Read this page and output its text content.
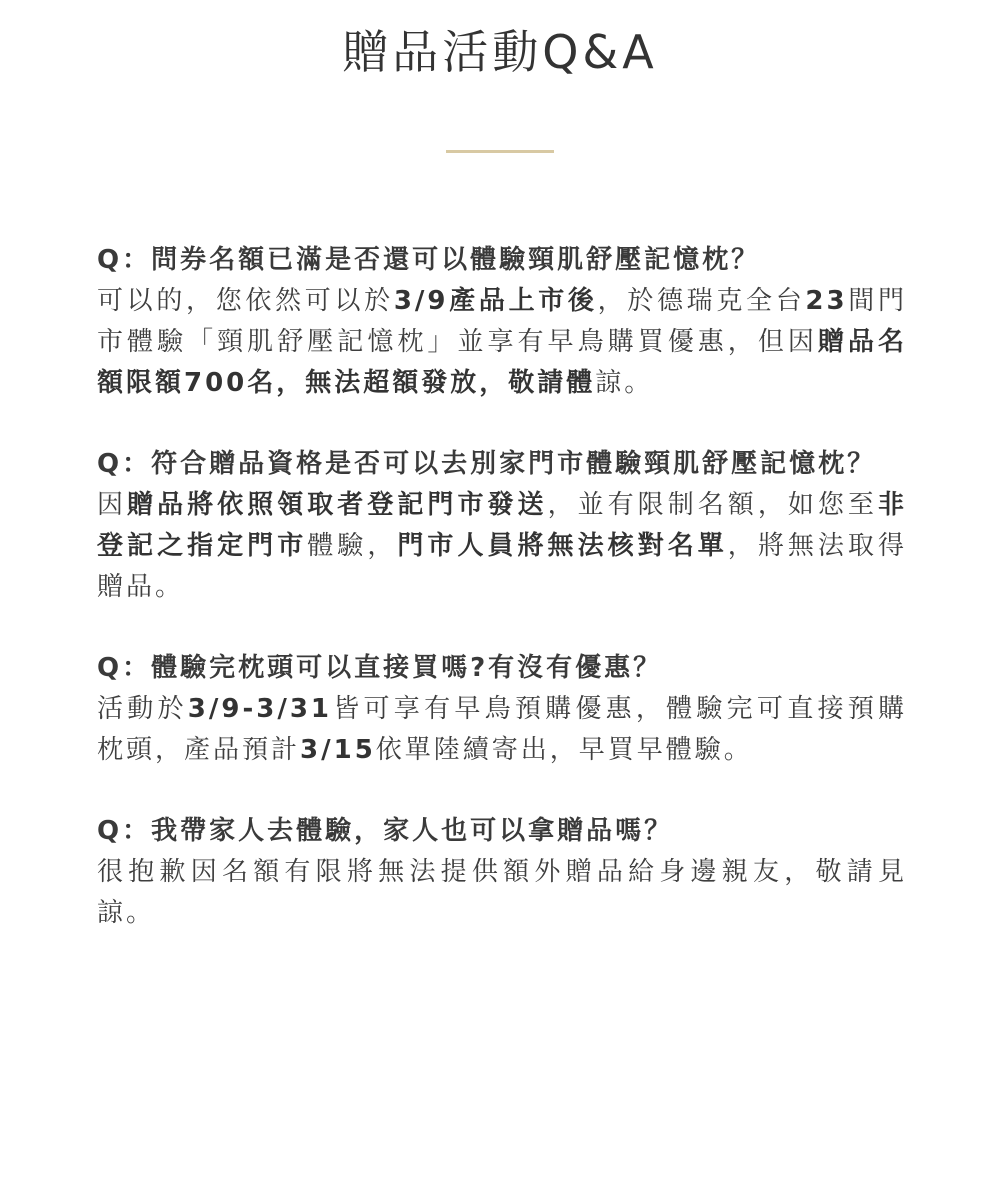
贈品活動Q&A

Q：問券名額已滿是否還可以體驗頸肌舒壓記憶枕？

可以的，您依然可以於3/9產品上市後，於德瑞克全台23間門市體驗「頸肌舒壓記憶枕」並享有早鳥購買優惠，但因贈品名額限額700名，無法超額發放，敬請體諒。

Q：符合贈品資格是否可以去別家門市體驗頸肌舒壓記憶枕？

因贈品將依照領取者登記門市發送，並有限制名額，如您至非登記之指定門市體驗，門市人員將無法核對名單，將無法取得贈品。

Q：體驗完枕頭可以直接買嗎?有沒有優惠？

活動於3/9-3/31皆可享有早鳥預購優惠，體驗完可直接預購枕頭，產品預計3/15依單陸續寄出，早買早體驗。

Q：我帶家人去體驗，家人也可以拿贈品嗎？

很抱歉因名額有限將無法提供額外贈品給身邊親友，敬請見諒。
